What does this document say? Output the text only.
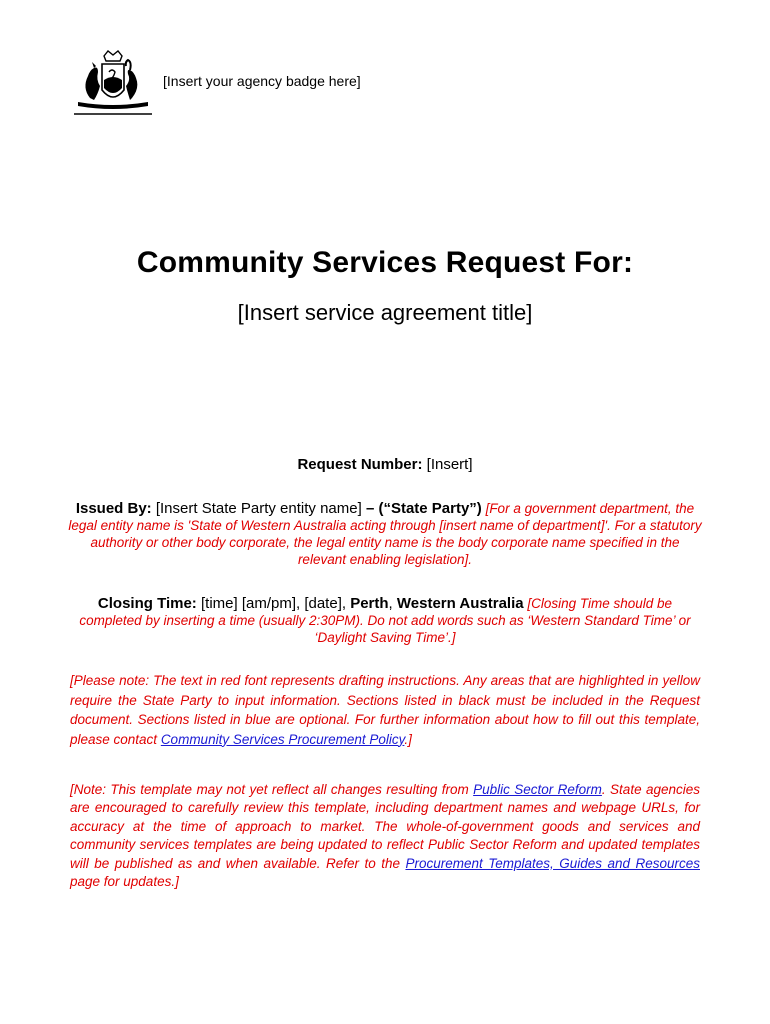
[Insert your agency badge here]
Community Services Request For:
[Insert service agreement title]
Request Number: [Insert]
Issued By: [Insert State Party entity name] – (“State Party”) [For a government department, the legal entity name is 'State of Western Australia acting through [insert name of department]'. For a statutory authority or other body corporate, the legal entity name is the body corporate name specified in the relevant enabling legislation].
Closing Time: [time] [am/pm], [date], Perth, Western Australia [Closing Time should be completed by inserting a time (usually 2:30PM). Do not add words such as ‘Western Standard Time’ or ‘Daylight Saving Time’.]
[Please note: The text in red font represents drafting instructions. Any areas that are highlighted in yellow require the State Party to input information. Sections listed in black must be included in the Request document. Sections listed in blue are optional. For further information about how to fill out this template, please contact Community Services Procurement Policy.]
[Note: This template may not yet reflect all changes resulting from Public Sector Reform. State agencies are encouraged to carefully review this template, including department names and webpage URLs, for accuracy at the time of approach to market. The whole-of-government goods and services and community services templates are being updated to reflect Public Sector Reform and updated templates will be published as and when available. Refer to the Procurement Templates, Guides and Resources page for updates.]
